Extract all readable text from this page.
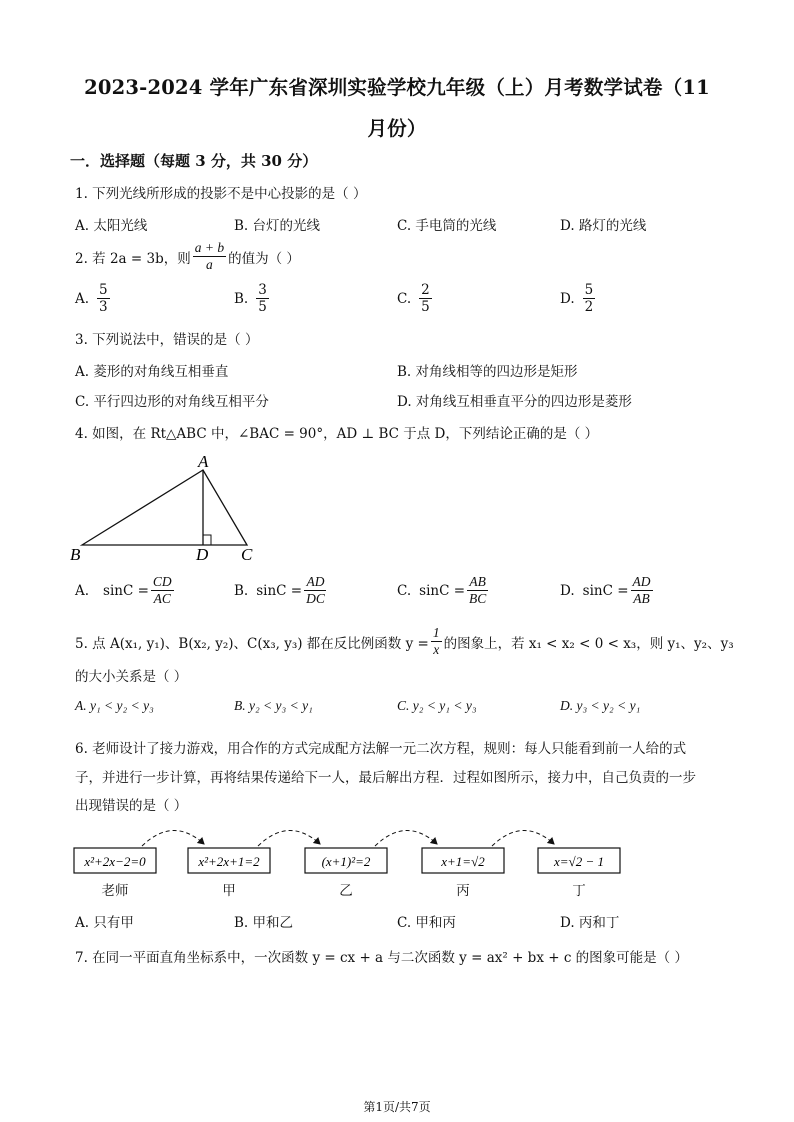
2023-2024 学年广东省深圳实验学校九年级（上）月考数学试卷（11
月份）
一．选择题（每题 3 分，共 30 分）
1. 下列光线所形成的投影不是中心投影的是（ ）
A. 太阳光线	B. 台灯的光线	C. 手电筒的光线	D. 路灯的光线
2. 若 2a = 3b，则 $\frac{a + b}{a}$ 的值为（ ）
A. $\frac{5}{3}$	B. $\frac{3}{5}$	C. $\frac{2}{5}$	D. $\frac{5}{2}$
3. 下列说法中，错误的是（ ）
A. 菱形的对角线互相垂直	B. 对角线相等的四边形是矩形
C. 平行四边形的对角线互相平分	D. 对角线互相垂直平分的四边形是菱形
4. 如图，在 Rt△ABC 中，∠BAC = 90°，AD ⊥ BC 于点 D，下列结论正确的是（ ）
A
B	D C
A. $\sin C = \frac{CD}{AC}$	B. $\sin C = \frac{AD}{DC}$	C. $\sin C = \frac{AB}{BC}$	D. $\sin C = \frac{AD}{AB}$
5. 点 A(x₁, y₁)、B(x₂, y₂)、C(x₃, y₃) 都在反比例函数 $y = \frac{1}{x}$ 的图象上，若 x₁ < x₂ < 0 < x₃，则 y₁、y₂、y₃
的大小关系是（ ）
A. y₁ < y₂ < y₃	B. y₂ < y₃ < y₁	C. y₂ < y₁ < y₃	D. y₃ < y₂ < y₁
6. 老师设计了接力游戏，用合作的方式完成配方法解一元二次方程，规则：每人只能看到前一人给的式
子，并进行一步计算，再将结果传递给下一人，最后解出方程．过程如图所示，接力中，自己负责的一步
出现错误的是（ ）
x²+2x−2=0	x²+2x+1=2	(x+1)²=2	x+1=√2	x=√2 − 1
老师	甲	乙	丙	丁
A. 只有甲	B. 甲和乙	C. 甲和丙	D. 丙和丁
7. 在同一平面直角坐标系中，一次函数 y = cx + a 与二次函数 y = ax² + bx + c 的图象可能是（ ）
第1页/共7页
